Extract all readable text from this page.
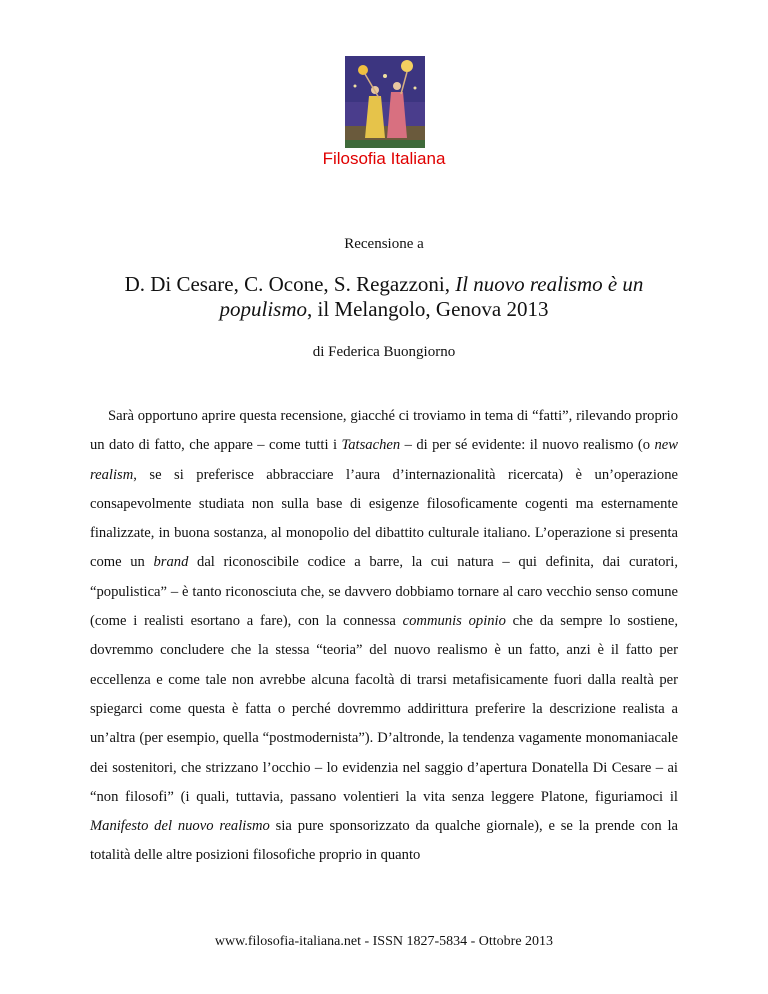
Filosofia Italiana
Recensione a
D. Di Cesare, C. Ocone, S. Regazzoni, Il nuovo realismo è un populismo, il Melangolo, Genova 2013
di Federica Buongiorno

Sarà opportuno aprire questa recensione, giacché ci troviamo in tema di “fatti”, rilevando proprio un dato di fatto, che appare – come tutti i Tatsachen – di per sé evidente: il nuovo realismo (o new realism, se si preferisce abbracciare l’aura d’internazionalità ricercata) è un’operazione consapevolmente studiata non sulla base di esigenze filosoficamente cogenti ma esternamente finalizzate, in buona sostanza, al monopolio del dibattito culturale italiano. L’operazione si presenta come un brand dal riconoscibile codice a barre, la cui natura – qui definita, dai curatori, “populistica” – è tanto riconosciuta che, se davvero dobbiamo tornare al caro vecchio senso comune (come i realisti esortano a fare), con la connessa communis opinio che da sempre lo sostiene, dovremmo concludere che la stessa “teoria” del nuovo realismo è un fatto, anzi è il fatto per eccellenza e come tale non avrebbe alcuna facoltà di trarsi metafisicamente fuori dalla realtà per spiegarci come questa è fatta o perché dovremmo addirittura preferire la descrizione realista a un’altra (per esempio, quella “postmodernista”). D’altronde, la tendenza vagamente monomaniacale dei sostenitori, che strizzano l’occhio – lo evidenzia nel saggio d’apertura Donatella Di Cesare – ai “non filosofi” (i quali, tuttavia, passano volentieri la vita senza leggere Platone, figuriamoci il Manifesto del nuovo realismo sia pure sponsorizzato da qualche giornale), e se la prende con la totalità delle altre posizioni filosofiche proprio in quanto

www.filosofia-italiana.net - ISSN 1827-5834 - Ottobre 2013
